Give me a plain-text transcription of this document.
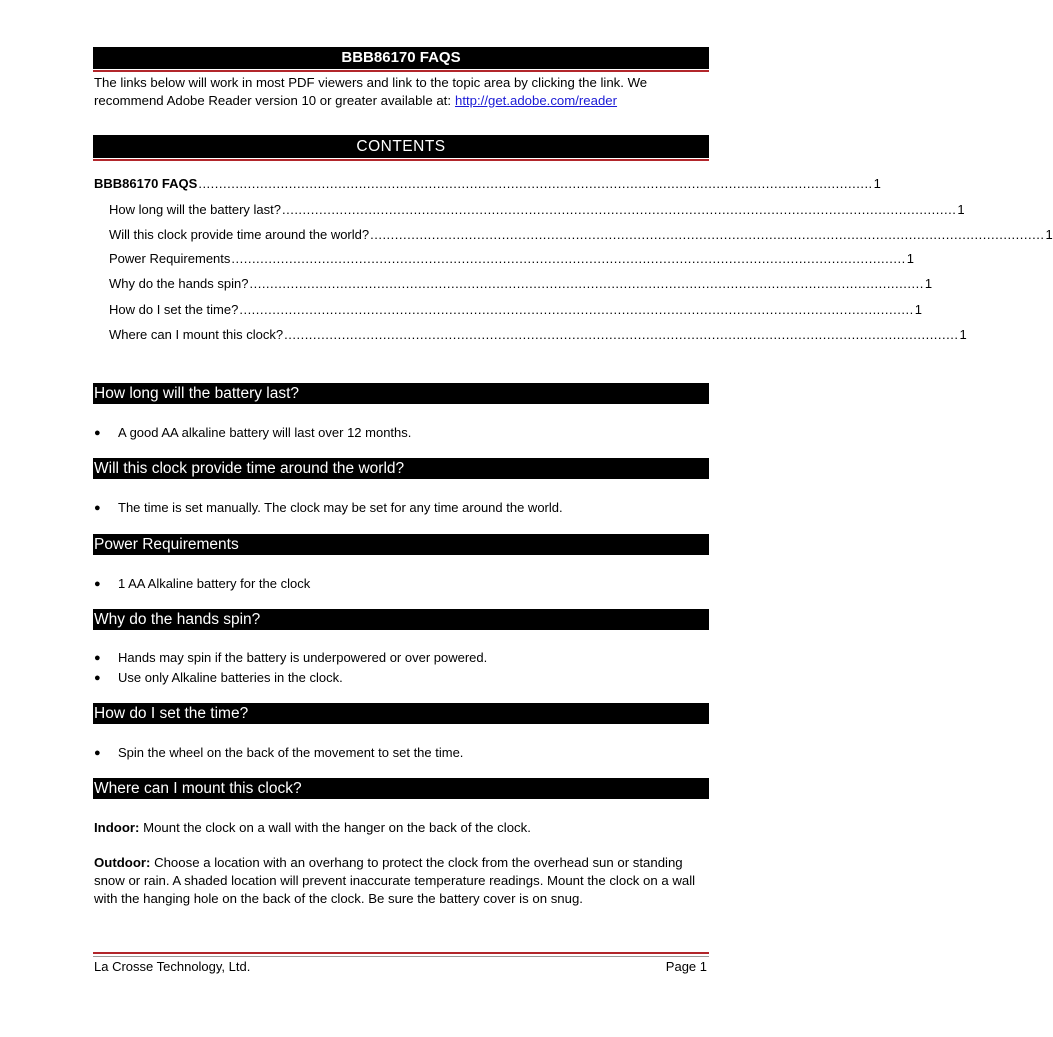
BBB86170 FAQS
The links below will work in most PDF viewers and link to the topic area by clicking the link. We recommend Adobe Reader version 10 or greater available at: http://get.adobe.com/reader
CONTENTS
BBB86170 FAQS .................................................................................................................................................................... 1
How long will the battery last? .................................................................................................................................................................... 1
Will this clock provide time around the world? .................................................................................................................................................................... 1
Power Requirements .................................................................................................................................................................... 1
Why do the hands spin? .................................................................................................................................................................... 1
How do I set the time? .................................................................................................................................................................... 1
Where can I mount this clock? .................................................................................................................................................................... 1
How long will the battery last?
●	A good AA alkaline battery will last over 12 months.
Will this clock provide time around the world?
●	The time is set manually. The clock may be set for any time around the world.
Power Requirements
●	1 AA Alkaline battery for the clock
Why do the hands spin?
●	Hands may spin if the battery is underpowered or over powered.
●	Use only Alkaline batteries in the clock.
How do I set the time?
●	Spin the wheel on the back of the movement to set the time.
Where can I mount this clock?
Indoor: Mount the clock on a wall with the hanger on the back of the clock.
Outdoor: Choose a location with an overhang to protect the clock from the overhead sun or standing snow or rain. A shaded location will prevent inaccurate temperature readings. Mount the clock on a wall with the hanging hole on the back of the clock. Be sure the battery cover is on snug.
La Crosse Technology, Ltd.	Page 1
